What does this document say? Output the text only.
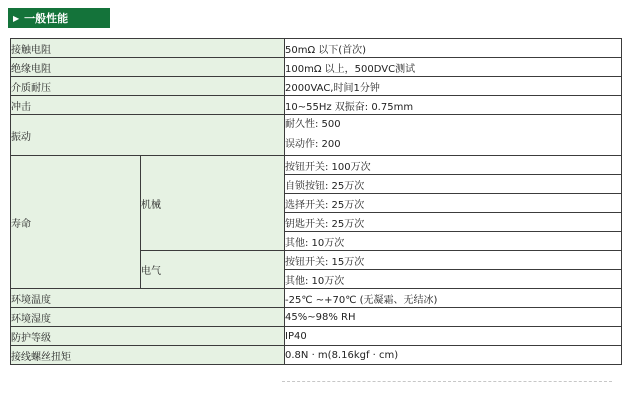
▶ 一般性能
接触电阻		50mΩ 以下(首次)
绝缘电阻		100mΩ 以上，500DVC测试
介质耐压		2000VAC,时间1分钟
冲击		10~55Hz 双振奋: 0.75mm
振动		耐久性: 500
误动作: 200

寿命	机械	按钮开关: 100万次
		自锁按钮: 25万次
		选择开关: 25万次
		钥匙开关: 25万次
		其他: 10万次
	电气	按钮开关: 15万次
		其他: 10万次
环境温度		-25℃ ~+70℃ (无凝霜、无结冰)
环境湿度		45%~98% RH
防护等级		IP40
接线螺丝扭矩		0.8N · m(8.16kgf · cm)
